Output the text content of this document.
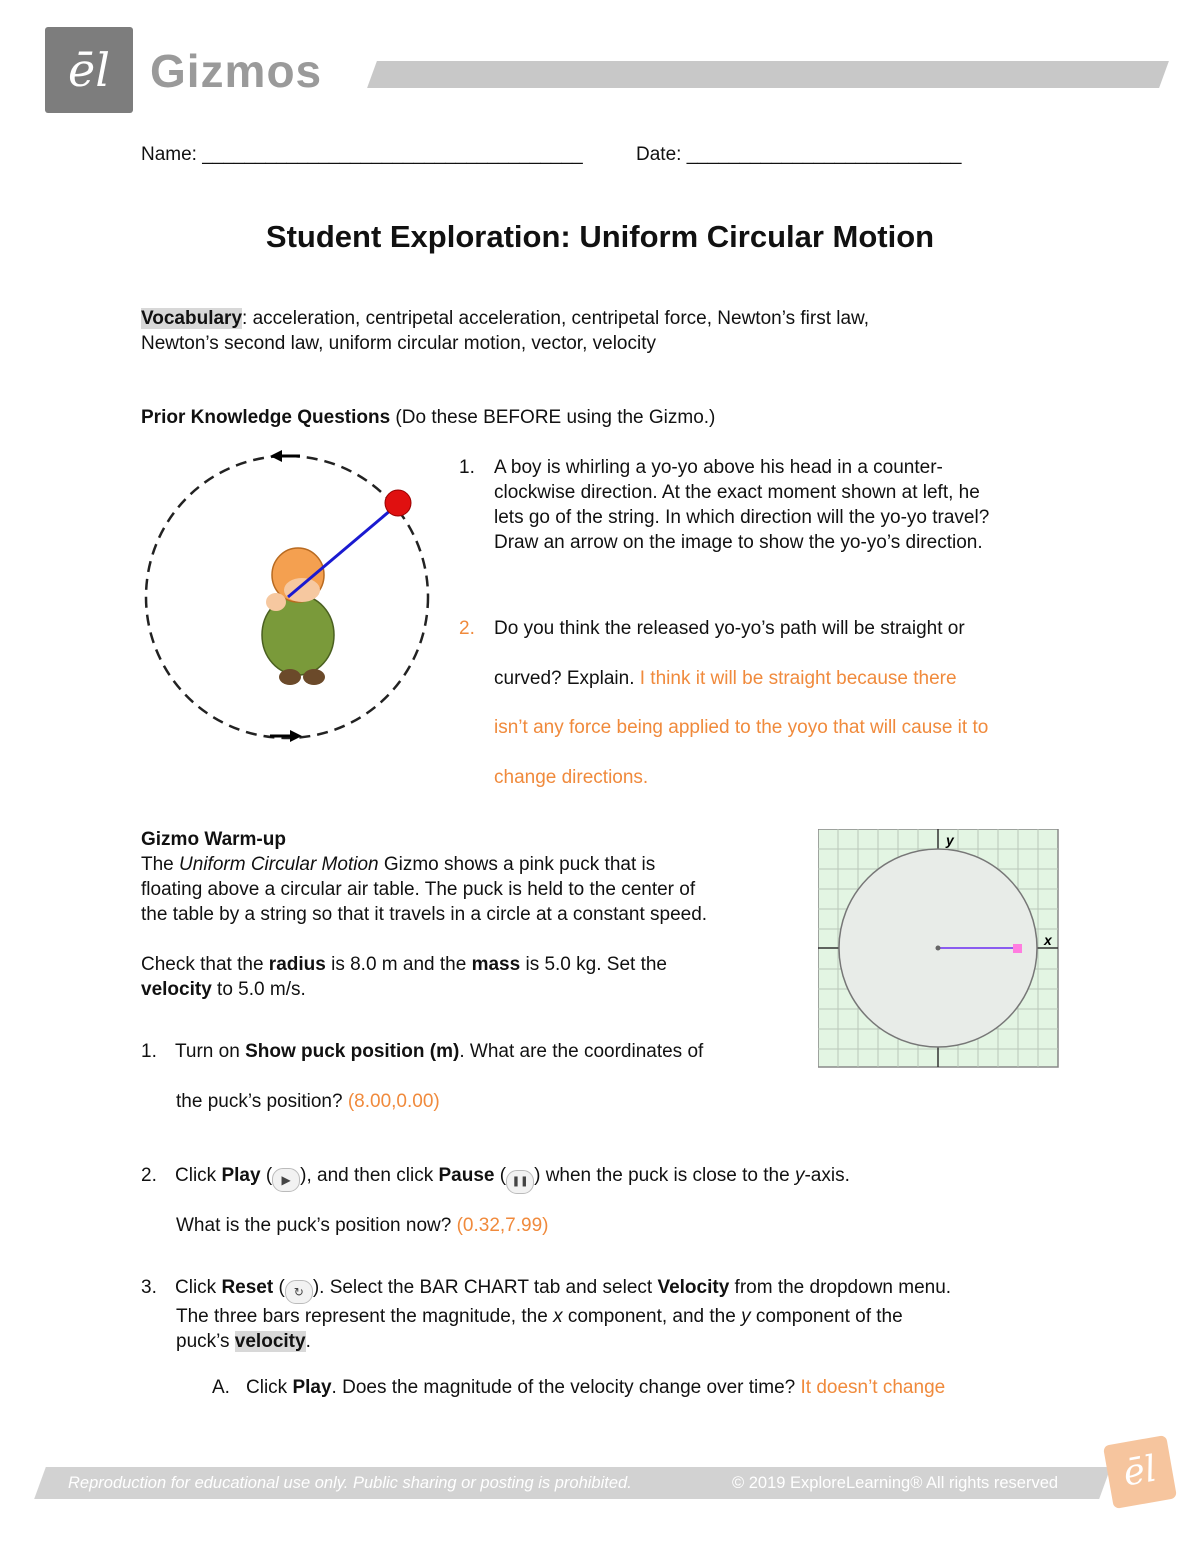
ēl Gizmos
Name: ____________________________________	Date: __________________________
Student Exploration: Uniform Circular Motion
Vocabulary: acceleration, centripetal acceleration, centripetal force, Newton’s first law,
Newton’s second law, uniform circular motion, vector, velocity
Prior Knowledge Questions (Do these BEFORE using the Gizmo.)
1. A boy is whirling a yo-yo above his head in a counter-
clockwise direction. At the exact moment shown at left, he
lets go of the string. In which direction will the yo-yo travel?
Draw an arrow on the image to show the yo-yo’s direction.
2. Do you think the released yo-yo’s path will be straight or
curved? Explain. I think it will be straight because there
isn’t any force being applied to the yoyo that will cause it to
change directions.
Gizmo Warm-up
The Uniform Circular Motion Gizmo shows a pink puck that is
floating above a circular air table. The puck is held to the center of
the table by a string so that it travels in a circle at a constant speed.
Check that the radius is 8.0 m and the mass is 5.0 kg. Set the
velocity to 5.0 m/s.
y
x
1. Turn on Show puck position (m). What are the coordinates of
the puck’s position? (8.00,0.00)
2. Click Play ( ▶ ), and then click Pause ( ❚❚ ) when the puck is close to the y-axis.
What is the puck’s position now? (0.32,7.99)
3. Click Reset ( ↻ ). Select the BAR CHART tab and select Velocity from the dropdown menu.
The three bars represent the magnitude, the x component, and the y component of the
puck’s velocity.
A. Click Play. Does the magnitude of the velocity change over time? It doesn’t change
Reproduction for educational use only. Public sharing or posting is prohibited.	© 2019 ExploreLearning® All rights reserved	ēl
